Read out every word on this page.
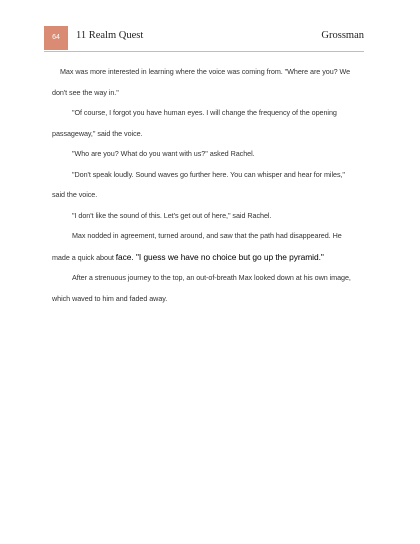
64	11 Realm Quest	Grossman

Max was more interested in learning where the voice was coming from. "Where are you? We don't see the way in."

"Of course, I forgot you have human eyes. I will change the frequency of the opening passageway," said the voice.

"Who are you? What do you want with us?" asked Rachel.

"Don't speak loudly. Sound waves go further here. You can whisper and hear for miles," said the voice.

"I don't like the sound of this. Let's get out of here," said Rachel.

Max nodded in agreement, turned around, and saw that the path had disappeared. He made a quick about face. "I guess we have no choice but go up the pyramid."

After a strenuous journey to the top, an out-of-breath Max looked down at his own image, which waved to him and faded away.
